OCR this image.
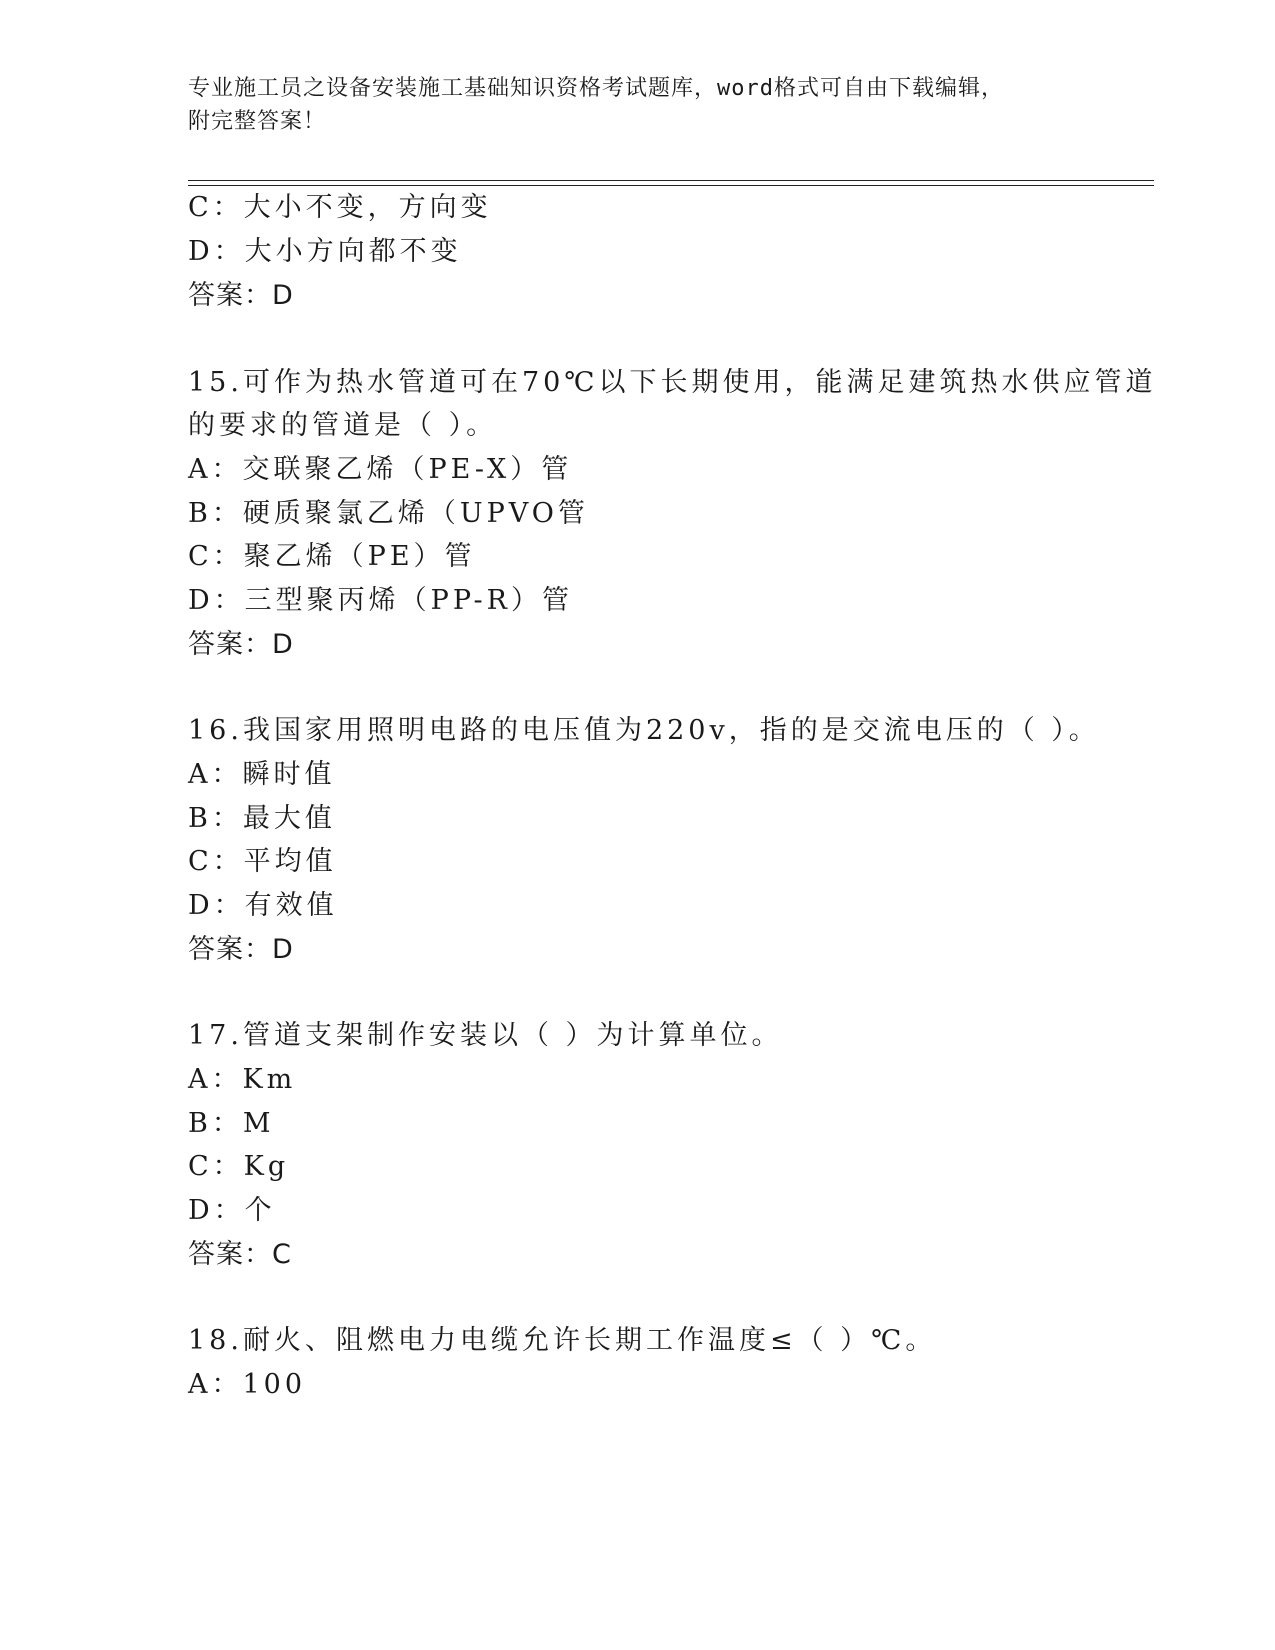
专业施工员之设备安装施工基础知识资格考试题库，word格式可自由下载编辑，
附完整答案！
C：大小不变，方向变
D：大小方向都不变
答案：D
15.可作为热水管道可在70℃以下长期使用，能满足建筑热水供应管道
的要求的管道是（ ）。
A：交联聚乙烯（PE-X）管
B：硬质聚氯乙烯（UPVO管
C：聚乙烯（PE）管
D：三型聚丙烯（PP-R）管
答案：D
16.我国家用照明电路的电压值为220v，指的是交流电压的（ ）。
A：瞬时值
B：最大值
C：平均值
D：有效值
答案：D
17.管道支架制作安装以（ ）为计算单位。
A：Km
B：M
C：Kg
D：个
答案：C
18.耐火、阻燃电力电缆允许长期工作温度≤（ ）℃。
A：100
